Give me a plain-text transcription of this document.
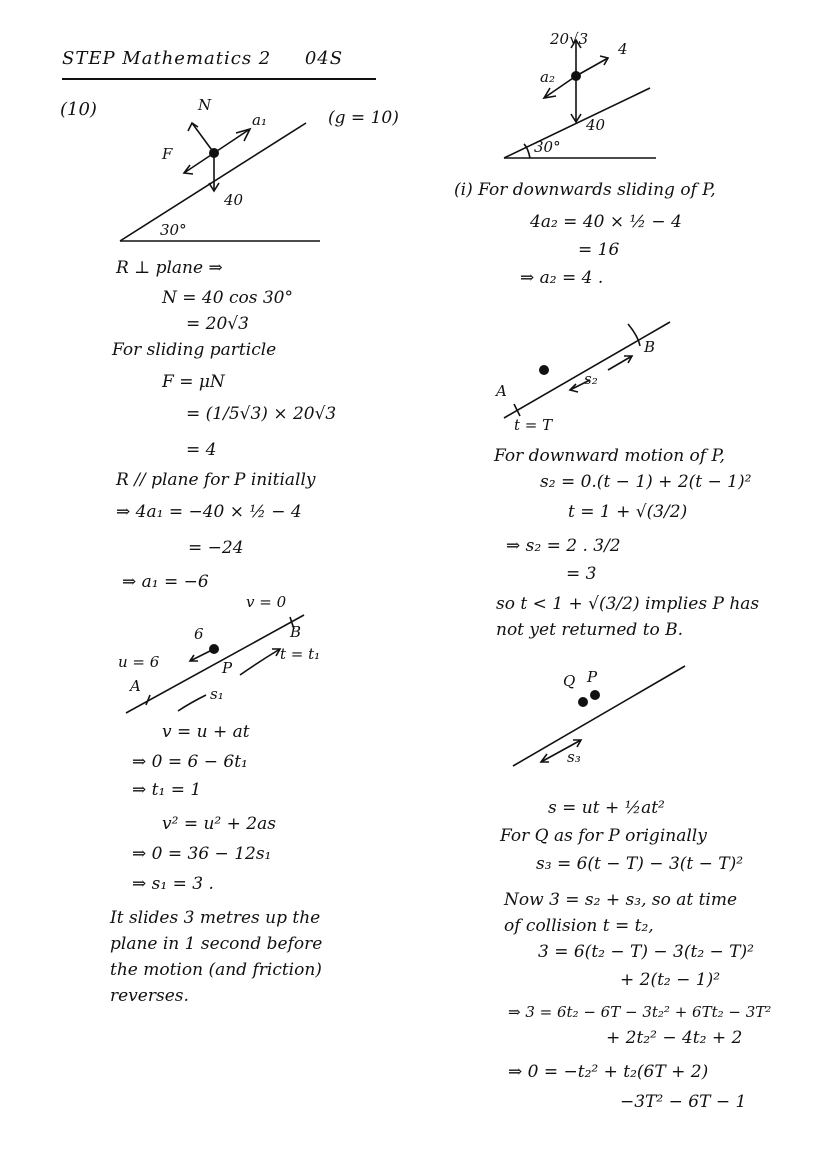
STEP Mathematics 2 04S
(10)	(g = 10)
N
F
a₁
40
30°
R ⊥ plane ⇒
N = 40 cos 30°
= 20√3
For sliding particle
F = μN
= (1/5√3) × 20√3
= 4
R // plane for P initially
⇒ 4a₁ = −40 × ½ − 4
= −24
⇒ a₁ = −6
v = 0
6
u = 6
A
B
P
t = t₁
s₁
v = u + at
⇒ 0 = 6 − 6t₁
⇒ t₁ = 1
v² = u² + 2as
⇒ 0 = 36 − 12s₁
⇒ s₁ = 3 .
It slides 3 metres up the
plane in 1 second before
the motion (and friction)
reverses.
20√3
4
a₂
40
30°
(i) For downwards sliding of P,
4a₂ = 40 × ½ − 4
= 16
⇒ a₂ = 4 .
A
B
s₂
t = T
For downward motion of P,
s₂ = 0.(t − 1) + 2(t − 1)²
t = 1 + √(3/2)
⇒ s₂ = 2 . 3/2
= 3
so t < 1 + √(3/2) implies P has
not yet returned to B.
Q P
s₃
s = ut + ½at²
For Q as for P originally
s₃ = 6(t − T) − 3(t − T)²
Now 3 = s₂ + s₃, so at time
of collision t = t₂,
3 = 6(t₂ − T) − 3(t₂ − T)²
+ 2(t₂ − 1)²
⇒ 3 = 6t₂ − 6T − 3t₂² + 6Tt₂ − 3T²
+ 2t₂² − 4t₂ + 2
⇒ 0 = −t₂² + t₂(6T + 2)
−3T² − 6T − 1
